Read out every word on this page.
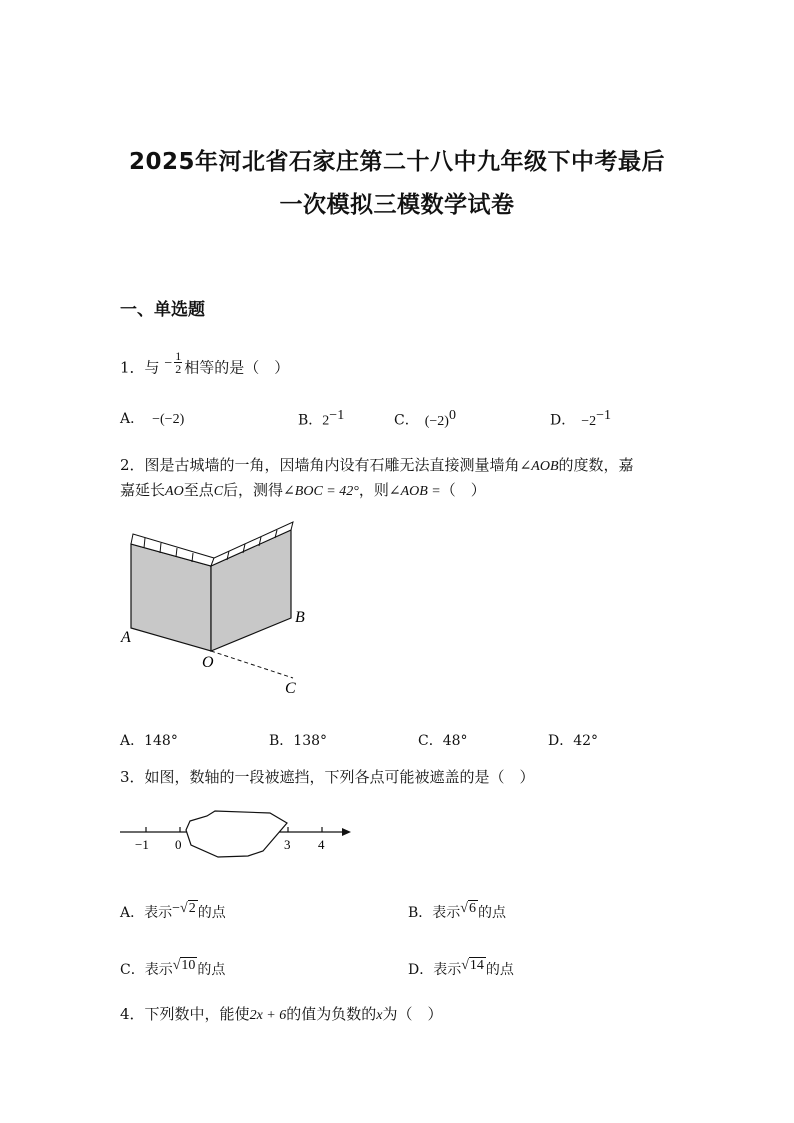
2025年河北省石家庄第二十八中九年级下中考最后
一次模拟三模数学试卷
一、单选题
1．与 − $\frac{1}{2}$ 相等的是（　）
A． −(−2)	B．$2^{-1}$	C． $(-2)^0$	D． $-2^{-1}$
2．图是古城墙的一角，因墙角内设有石雕无法直接测量墙角∠AOB的度数，嘉
嘉延长AO至点C后，测得∠BOC = 42°，则∠AOB =（　）
A
B
O
C
A．148°	B．138°	C．48°	D．42°
3．如图，数轴的一段被遮挡，下列各点可能被遮盖的是（　）
−1 0	3 4
A．表示−√2 的点	B．表示√6 的点
C．表示√10 的点	D．表示√14 的点
4．下列数中，能使2x + 6的值为负数的x为（　）
